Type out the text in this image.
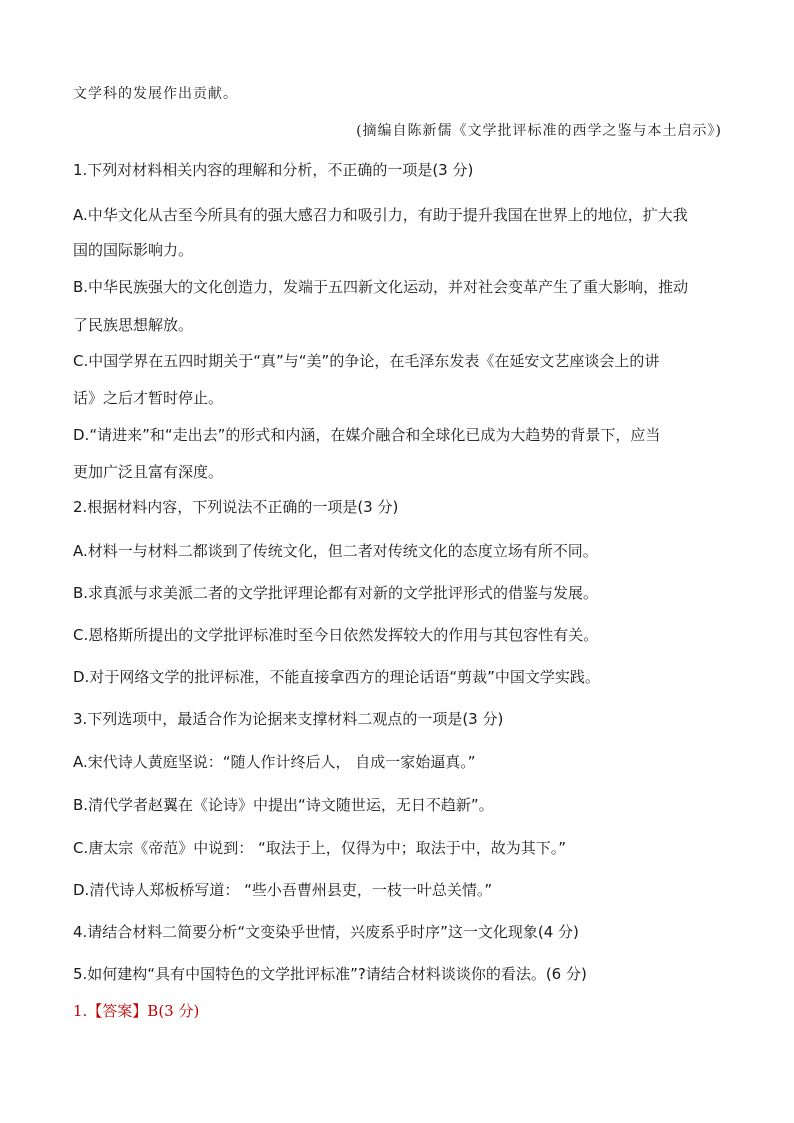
文学科的发展作出贡献。
(摘编自陈新儒《文学批评标准的西学之鉴与本土启示》)
1.下列对材料相关内容的理解和分析，不正确的一项是(3 分)
A.中华文化从古至今所具有的强大感召力和吸引力，有助于提升我国在世界上的地位，扩大我
国的国际影响力。
B.中华民族强大的文化创造力，发端于五四新文化运动，并对社会变革产生了重大影响，推动
了民族思想解放。
C.中国学界在五四时期关于“真”与“美”的争论，在毛泽东发表《在延安文艺座谈会上的讲
话》之后才暂时停止。
D.“请进来”和“走出去”的形式和内涵，在媒介融合和全球化已成为大趋势的背景下，应当
更加广泛且富有深度。
2.根据材料内容，下列说法不正确的一项是(3 分)
A.材料一与材料二都谈到了传统文化，但二者对传统文化的态度立场有所不同。
B.求真派与求美派二者的文学批评理论都有对新的文学批评形式的借鉴与发展。
C.恩格斯所提出的文学批评标准时至今日依然发挥较大的作用与其包容性有关。
D.对于网络文学的批评标准，不能直接拿西方的理论话语“剪裁”中国文学实践。
3.下列选项中，最适合作为论据来支撑材料二观点的一项是(3 分)
A.宋代诗人黄庭坚说：“随人作计终后人， 自成一家始逼真。”
B.清代学者赵翼在《论诗》中提出“诗文随世运，无日不趋新”。
C.唐太宗《帝范》中说到： “取法于上，仅得为中；取法于中，故为其下。”
D.清代诗人郑板桥写道： “些小吾曹州县吏，一枝一叶总关情。”
4.请结合材料二简要分析“文变染乎世情，兴废系乎时序”这一文化现象(4 分)
5.如何建构“具有中国特色的文学批评标准”?请结合材料谈谈你的看法。(6 分)
1.【答案】B(3 分)
